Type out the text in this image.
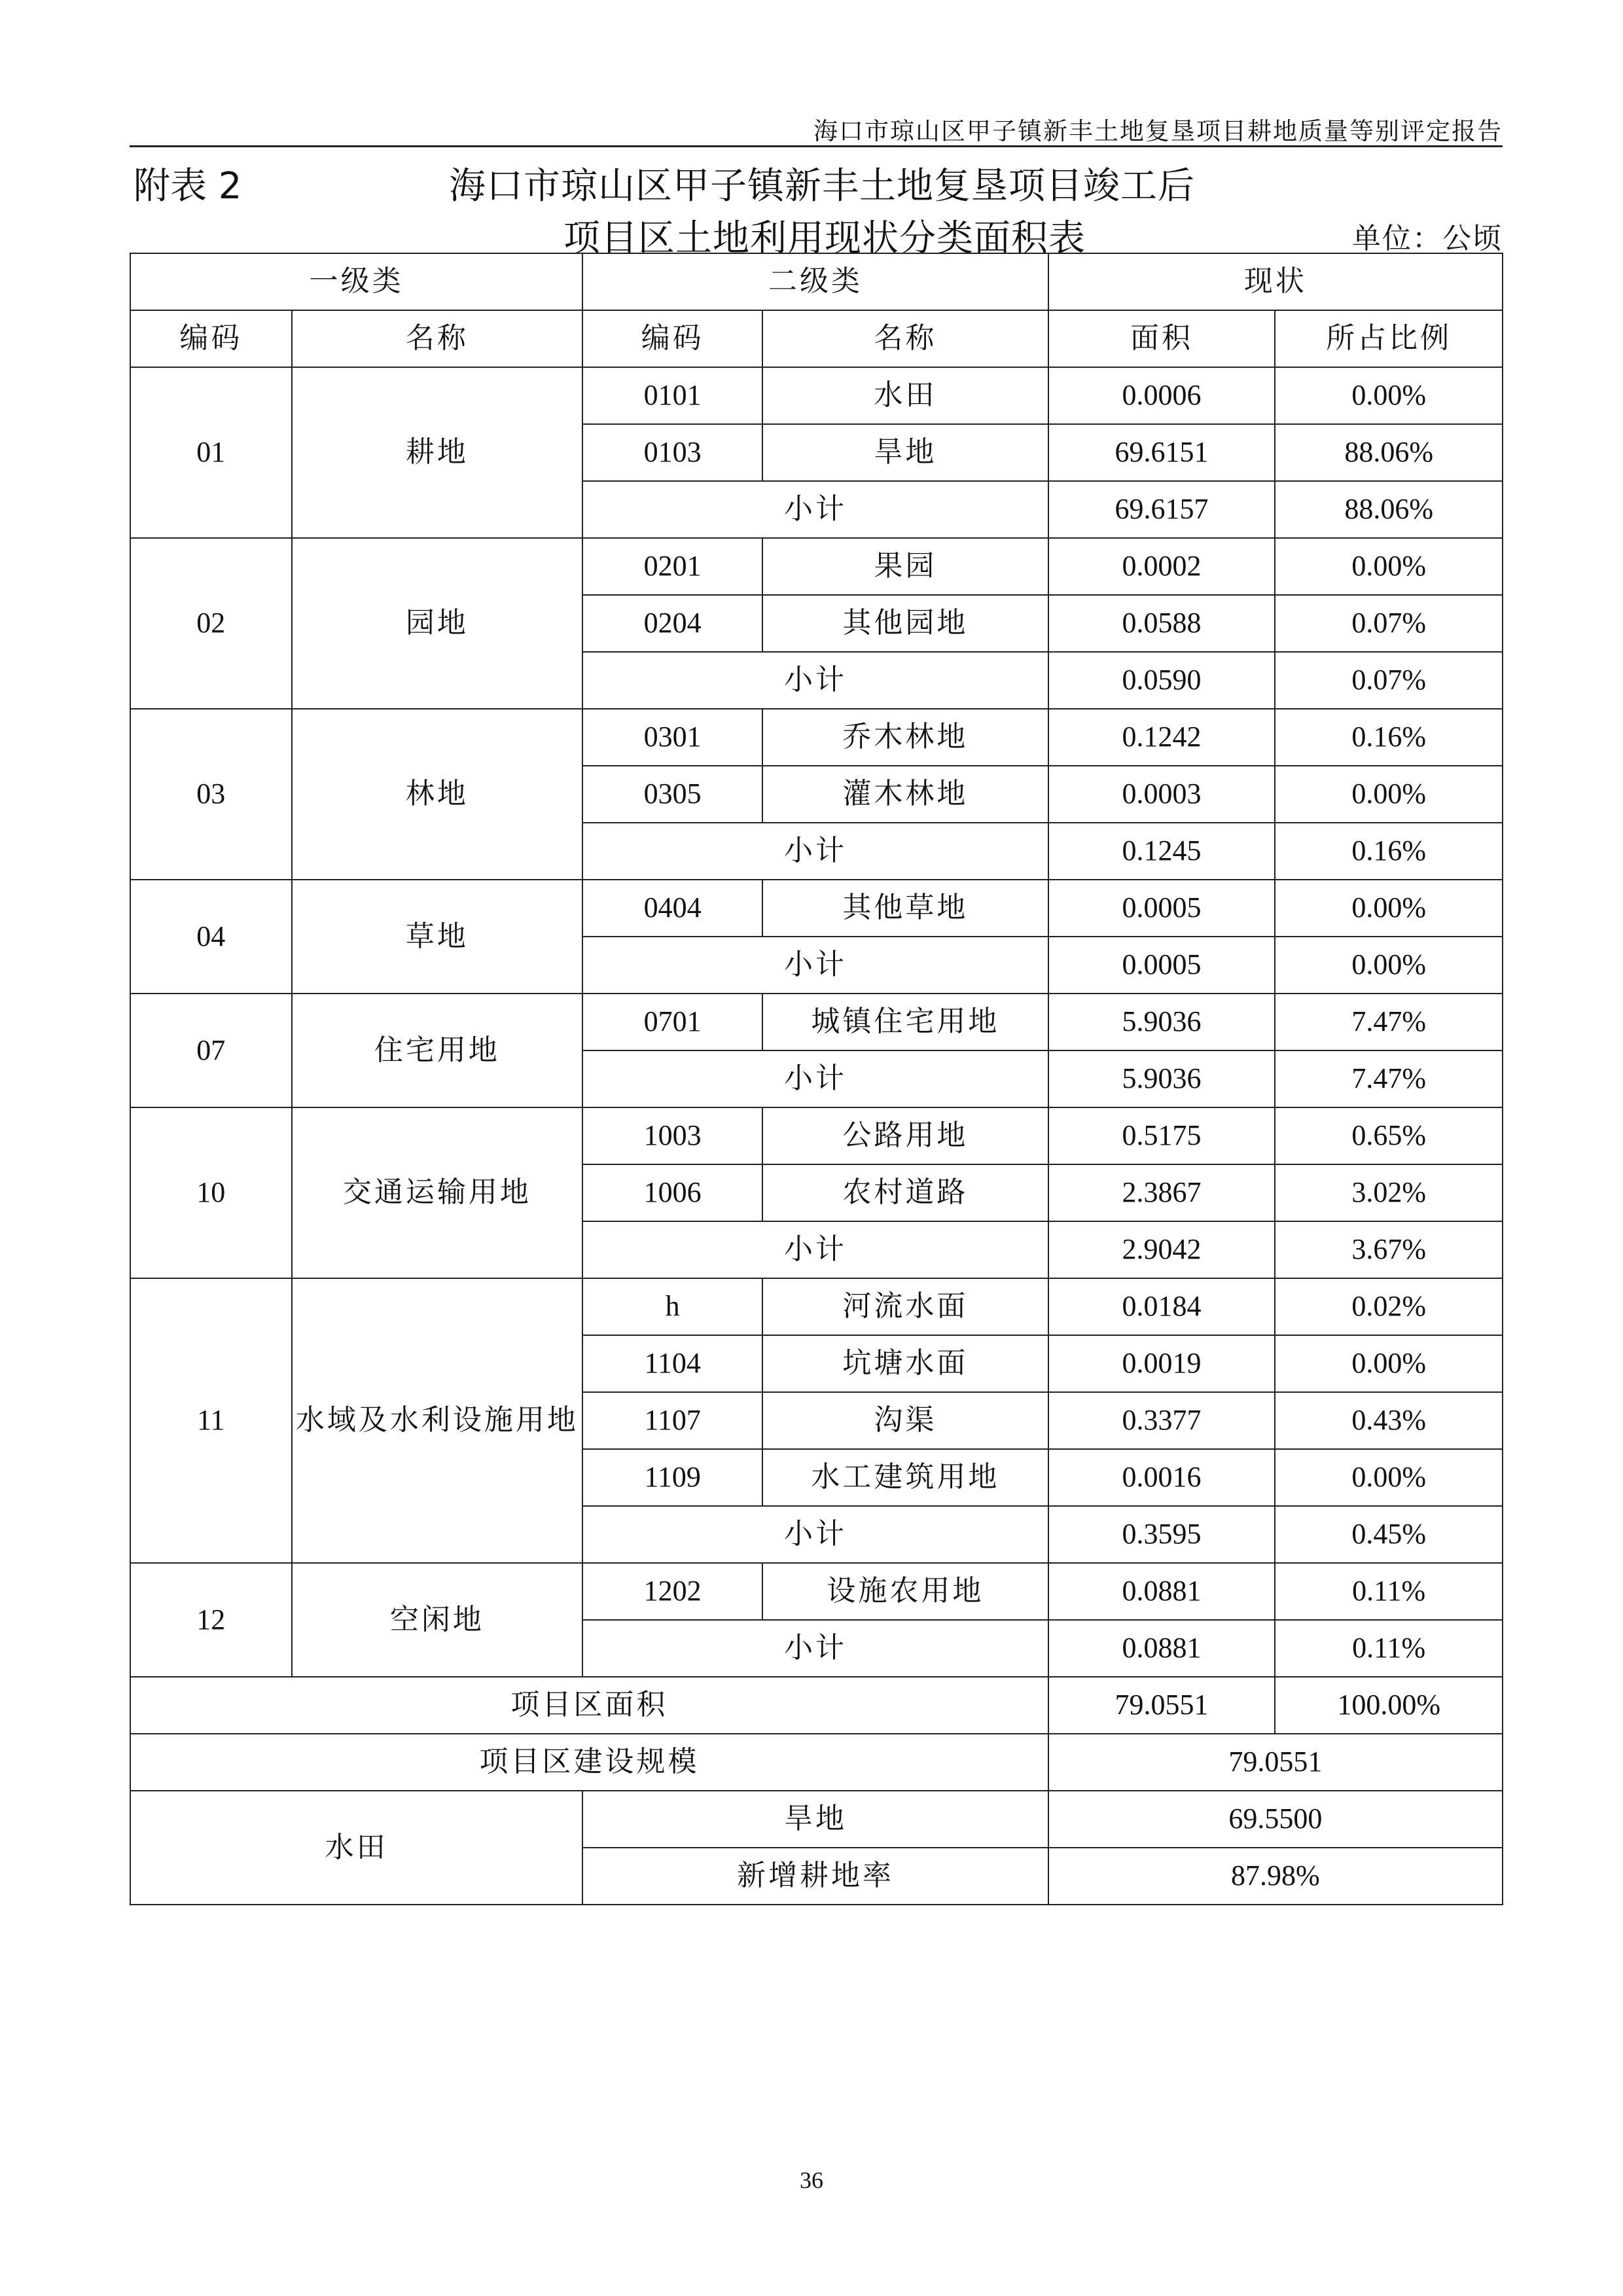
海口市琼山区甲子镇新丰土地复垦项目耕地质量等别评定报告
附表 2	海口市琼山区甲子镇新丰土地复垦项目竣工后
项目区土地利用现状分类面积表	单位：公顷
一级类		二级类		现状	
编码	名称	编码	名称	面积	所占比例
01	耕地	0101	水田	0.0006	0.00%
		0103	旱地	69.6151	88.06%
		小计		69.6157	88.06%
02	园地	0201	果园	0.0002	0.00%
		0204	其他园地	0.0588	0.07%
		小计		0.0590	0.07%
03	林地	0301	乔木林地	0.1242	0.16%
		0305	灌木林地	0.0003	0.00%
		小计		0.1245	0.16%
04	草地	0404	其他草地	0.0005	0.00%
		小计		0.0005	0.00%
07	住宅用地	0701	城镇住宅用地	5.9036	7.47%
		小计		5.9036	7.47%
10	交通运输用地	1003	公路用地	0.5175	0.65%
		1006	农村道路	2.3867	3.02%
		小计		2.9042	3.67%
11	水域及水利设施用地	h	河流水面	0.0184	0.02%
		1104	坑塘水面	0.0019	0.00%
		1107	沟渠	0.3377	0.43%
		1109	水工建筑用地	0.0016	0.00%
		小计		0.3595	0.45%
12	空闲地	1202	设施农用地	0.0881	0.11%
		小计		0.0881	0.11%
项目区面积				79.0551	100.00%
项目区建设规模				79.0551	
水田		旱地		69.5500	
		新增耕地率		87.98%	
36
